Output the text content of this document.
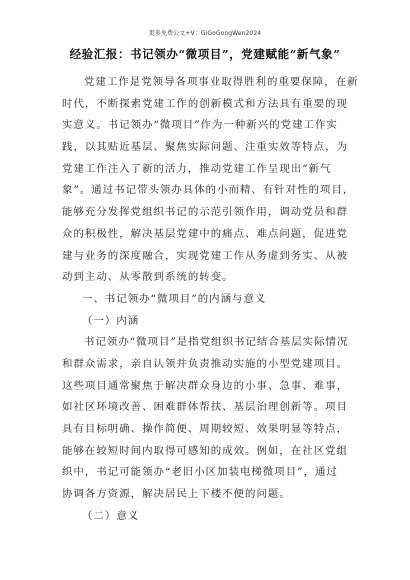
更多免费公文+V：GiGoGongWen2024
经验汇报：书记领办“微项目”，党建赋能“新气象”
党建工作是党领导各项事业取得胜利的重要保障，在新
时代，不断探索党建工作的创新模式和方法具有重要的现
实意义。书记领办“微项目”作为一种新兴的党建工作实
践，以其贴近基层、聚焦实际问题、注重实效等特点，为
党建工作注入了新的活力，推动党建工作呈现出“新气
象”。通过书记带头领办具体的小而精、有针对性的项目，
能够充分发挥党组织书记的示范引领作用，调动党员和群
众的积极性，解决基层党建中的痛点、难点问题，促进党
建与业务的深度融合，实现党建工作从务虚到务实、从被
动到主动、从零散到系统的转变。
一、书记领办“微项目”的内涵与意义
（一）内涵
书记领办“微项目”是指党组织书记结合基层实际情况
和群众需求，亲自认领并负责推动实施的小型党建项目。
这些项目通常聚焦于解决群众身边的小事、急事、难事，
如社区环境改善、困难群体帮扶、基层治理创新等。项目
具有目标明确、操作简便、周期较短、效果明显等特点，
能够在较短时间内取得可感知的成效。例如，在社区党组
织中，书记可能领办“老旧小区加装电梯微项目”，通过
协调各方资源，解决居民上下楼不便的问题。
（二）意义
